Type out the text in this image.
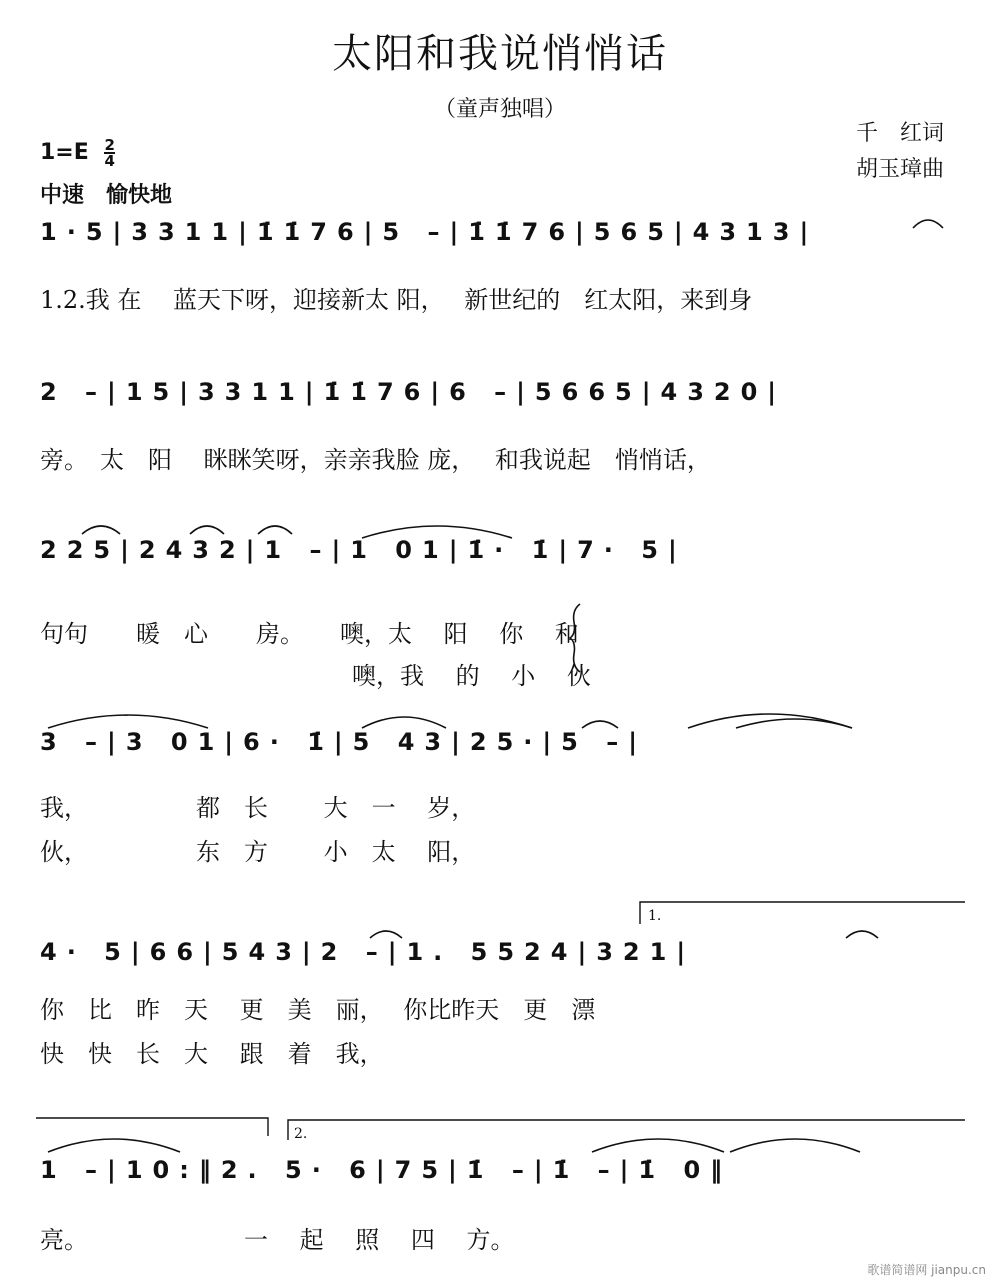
太阳和我说悄悄话
（童声独唱）
千　红词
胡玉璋曲
$1=E \frac{2}{4}$
中速　愉快地
1·5|3311|1̇1̇76|5 –|1̇1̇76|565|4313|
1.2.我 在　 蓝天下呀，迎接新太 阳，　 新世纪的　红太阳，来到身
2 –|15|3311|1̇1̇76|6 –|5665|4320|
旁。　太　阳　 眯眯笑呀，亲亲我脸 庞，　 和我说起　悄悄话，
225|2432|1 –|1 01|1̇· 1̇|7· 5|
句句　　暖　心　　房。　　噢，太　 阳　 你　 和
　　　　　　　　　　　　　噢，我　 的　 小　 伙
3 –|3 01|6· 1̇|5 43|25·|5 –|
我，　　　　　都　长　　 大　一　 岁，
伙，　　　　　东　方　　 小　太　 阳，
4· 5|66|543|2 –|1. 5524|321|
你　比　昨　天　 更　美　丽，　 你比昨天　更　漂
快　快　长　大　 跟　着　我，
1 –|10:‖2. 5· 6|75|1̇ –|1̇ –|1̇ 0‖
亮。　　　　　　　一　 起　 照　 四　 方。
1.
2.
歌谱简谱网 jianpu.cn
